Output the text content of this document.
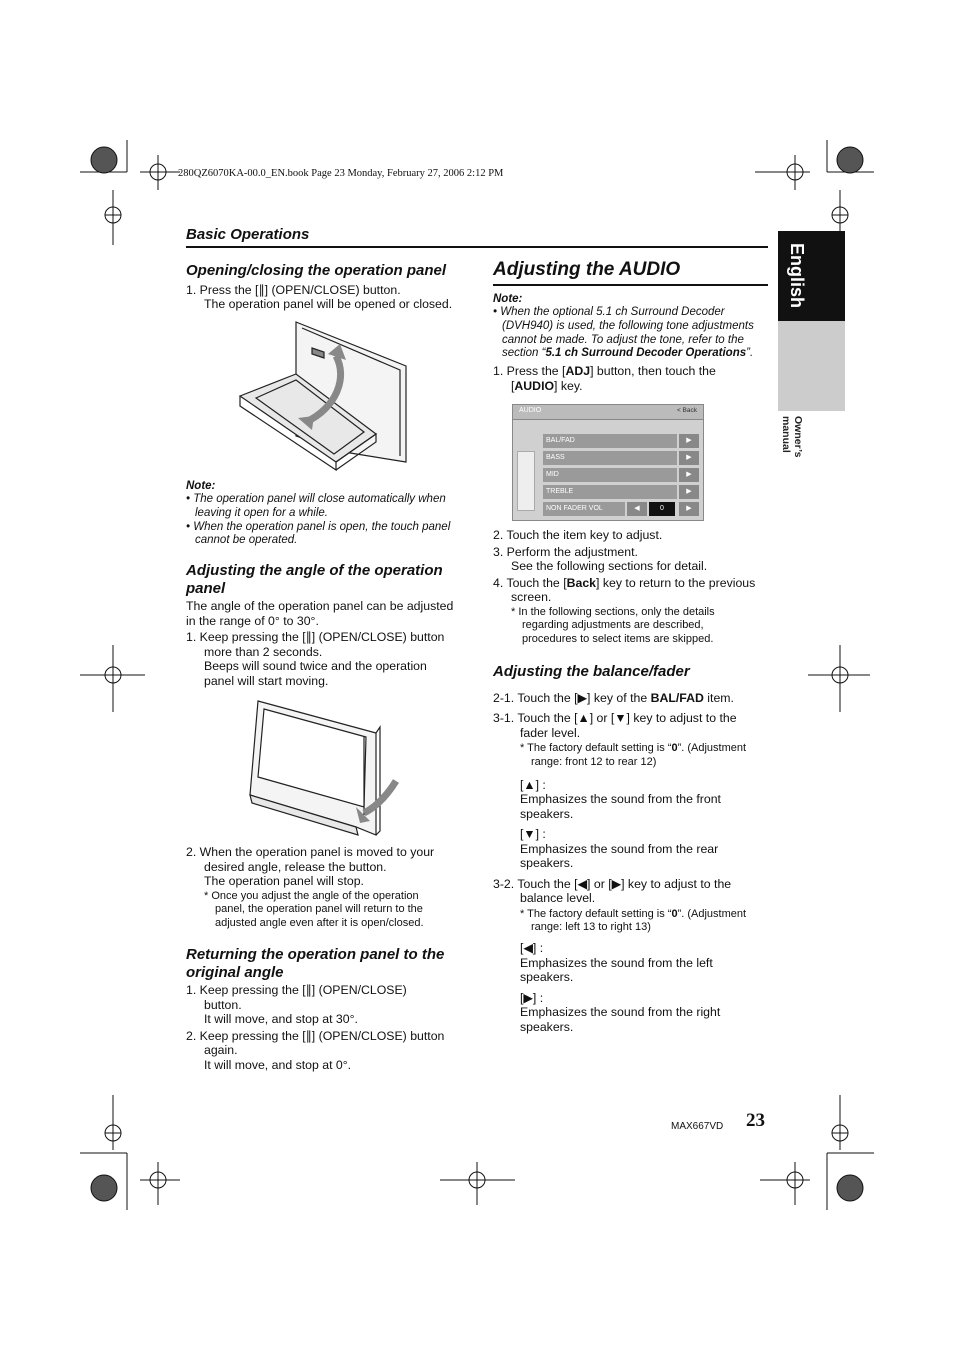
280QZ6070KA-00.0_EN.book Page 23 Monday, February 27, 2006 2:12 PM
Basic Operations
English
Owner’s manual
Opening/closing the operation panel
1. Press the [∥] (OPEN/CLOSE) button.
The operation panel will be opened or closed.
Note:
• The operation panel will close automatically when
leaving it open for a while.
• When the operation panel is open, the touch panel
cannot be operated.
Adjusting the angle of the operation
panel
The angle of the operation panel can be adjusted
in the range of 0° to 30°.
1. Keep pressing the [∥] (OPEN/CLOSE) button
more than 2 seconds.
Beeps will sound twice and the operation
panel will start moving.
2. When the operation panel is moved to your
desired angle, release the button.
The operation panel will stop.
* Once you adjust the angle of the operation
panel, the operation panel will return to the
adjusted angle even after it is open/closed.
Returning the operation panel to the
original angle
1. Keep pressing the [∥] (OPEN/CLOSE)
button.
It will move, and stop at 30°.
2. Keep pressing the [∥] (OPEN/CLOSE) button
again.
It will move, and stop at 0°.
Adjusting the AUDIO
Note:
• When the optional 5.1 ch Surround Decoder
(DVH940) is used, the following tone adjustments
cannot be made. To adjust the tone, refer to the
section “5.1 ch Surround Decoder Operations”.
1. Press the [ADJ] button, then touch the
[AUDIO] key.
AUDIO	< Back
BAL/FAD	▶
BASS	▶
MID	▶
TREBLE	▶
NON FADER VOL	◀	0	▶
2. Touch the item key to adjust.
3. Perform the adjustment.
See the following sections for detail.
4. Touch the [Back] key to return to the previous
screen.
* In the following sections, only the details
regarding adjustments are described,
procedures to select items are skipped.
Adjusting the balance/fader
2-1. Touch the [▶] key of the BAL/FAD item.
3-1. Touch the [▲] or [▼] key to adjust to the
fader level.
* The factory default setting is “0”. (Adjustment
range: front 12 to rear 12)
[▲] :
Emphasizes the sound from the front
speakers.
[▼] :
Emphasizes the sound from the rear
speakers.
3-2. Touch the [◀] or [▶] key to adjust to the
balance level.
* The factory default setting is “0”. (Adjustment
range: left 13 to right 13)
[◀] :
Emphasizes the sound from the left
speakers.
[▶] :
Emphasizes the sound from the right
speakers.
MAX667VD 23
